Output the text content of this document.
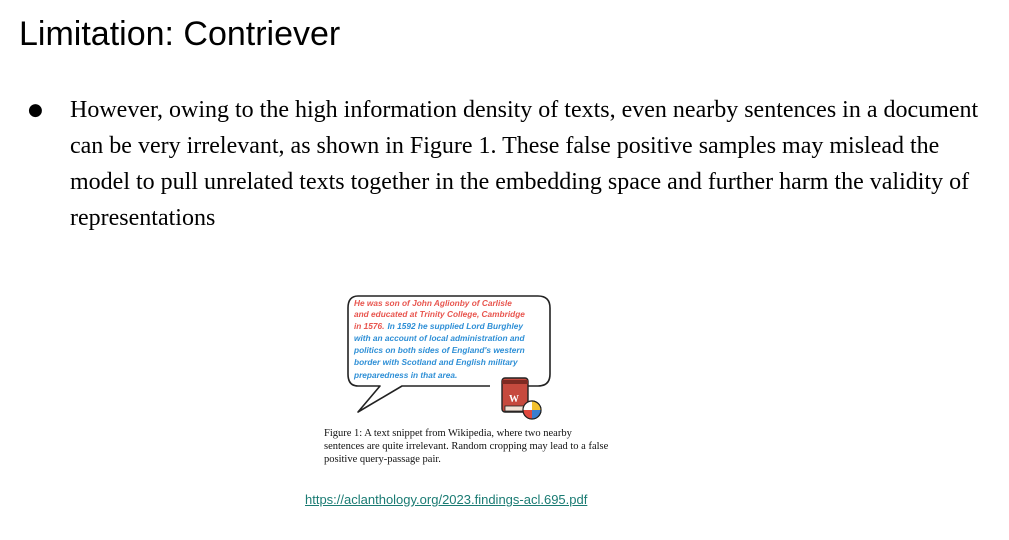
Limitation: Contriever
●	However, owing to the high information density of texts, even nearby sentences in a document can be very irrelevant, as shown in Figure 1. These false positive samples may mislead the model to pull unrelated texts together in the embedding space and further harm the validity of representations
He was son of John Aglionby of Carlisle
and educated at Trinity College, Cambridge
in 1576. In 1592 he supplied Lord Burghley
with an account of local administration and
politics on both sides of England's western
border with Scotland and English military
preparedness in that area.
W

Figure 1: A text snippet from Wikipedia, where two nearby sentences are quite irrelevant. Random cropping may lead to a false positive query-passage pair.

https://aclanthology.org/2023.findings-acl.695.pdf
